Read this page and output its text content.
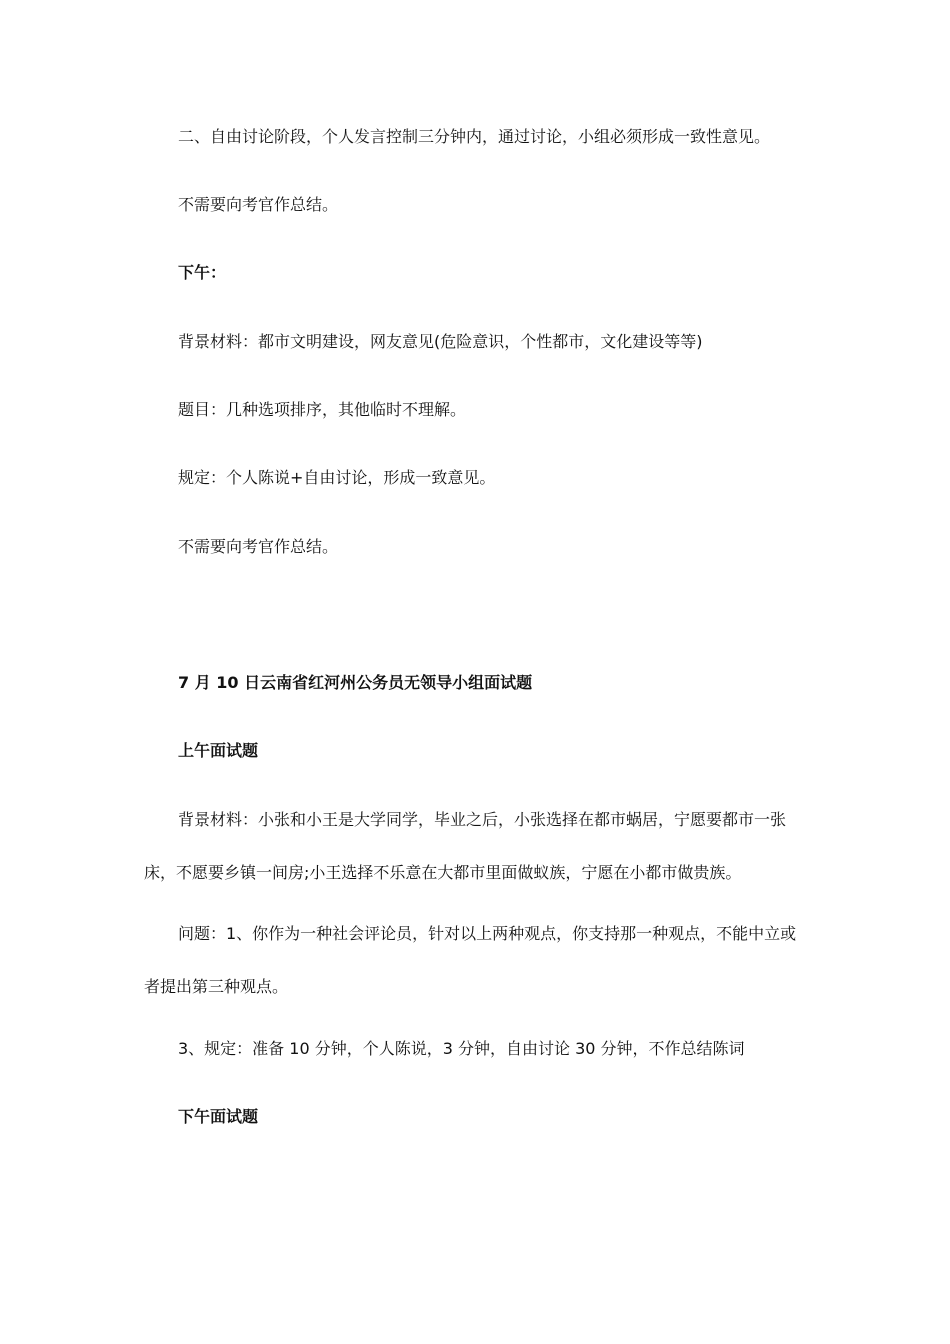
二、自由讨论阶段，个人发言控制三分钟内，通过讨论，小组必须形成一致性意见。
不需要向考官作总结。
下午：
背景材料：都市文明建设，网友意见(危险意识，个性都市，文化建设等等)
题目：几种选项排序，其他临时不理解。
规定：个人陈说+自由讨论，形成一致意见。
不需要向考官作总结。
7 月 10 日云南省红河州公务员无领导小组面试题
上午面试题
背景材料：小张和小王是大学同学，毕业之后，小张选择在都市蜗居，宁愿要都市一张床，不愿要乡镇一间房;小王选择不乐意在大都市里面做蚁族，宁愿在小都市做贵族。
问题：1、你作为一种社会评论员，针对以上两种观点，你支持那一种观点，不能中立或者提出第三种观点。
3、规定：准备 10 分钟，个人陈说，3 分钟，自由讨论 30 分钟，不作总结陈词
下午面试题
